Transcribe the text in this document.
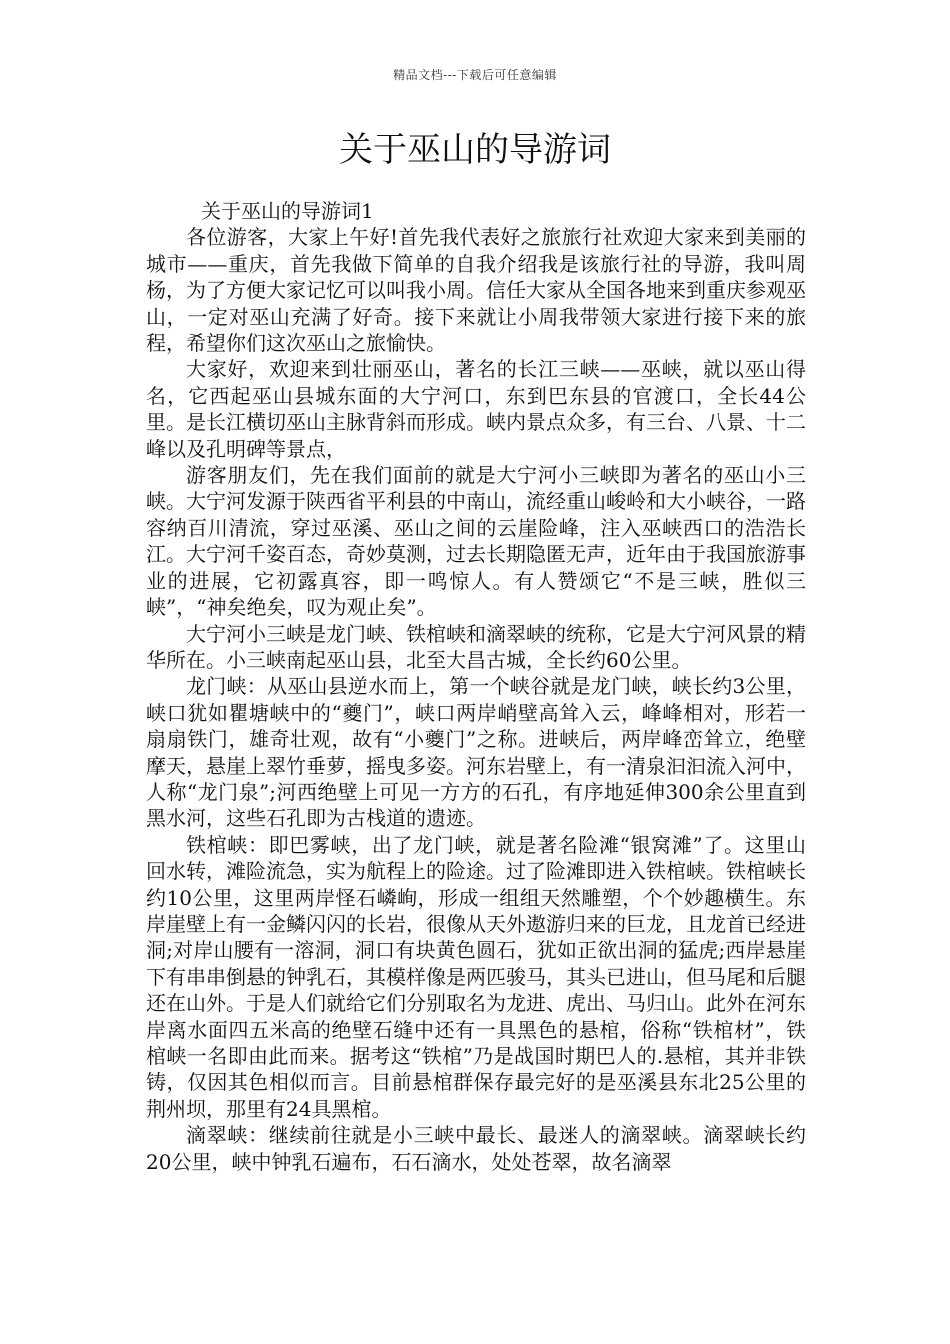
精品文档---下载后可任意编辑
关于巫山的导游词

关于巫山的导游词1

各位游客，大家上午好!首先我代表好之旅旅行社欢迎大家来到美丽的城市——重庆，首先我做下简单的自我介绍我是该旅行社的导游，我叫周杨，为了方便大家记忆可以叫我小周。信任大家从全国各地来到重庆参观巫山，一定对巫山充满了好奇。接下来就让小周我带领大家进行接下来的旅程，希望你们这次巫山之旅愉快。

大家好，欢迎来到壮丽巫山，著名的长江三峡——巫峡，就以巫山得名，它西起巫山县城东面的大宁河口，东到巴东县的官渡口，全长44公里。是长江横切巫山主脉背斜而形成。峡内景点众多，有三台、八景、十二峰以及孔明碑等景点，

游客朋友们，先在我们面前的就是大宁河小三峡即为著名的巫山小三峡。大宁河发源于陕西省平利县的中南山，流经重山峻岭和大小峡谷，一路容纳百川清流，穿过巫溪、巫山之间的云崖险峰，注入巫峡西口的浩浩长江。大宁河千姿百态，奇妙莫测，过去长期隐匿无声，近年由于我国旅游事业的进展，它初露真容，即一鸣惊人。有人赞颂它“不是三峡，胜似三峡”，“神矣绝矣，叹为观止矣”。

大宁河小三峡是龙门峡、铁棺峡和滴翠峡的统称，它是大宁河风景的精华所在。小三峡南起巫山县，北至大昌古城，全长约60公里。

龙门峡：从巫山县逆水而上，第一个峡谷就是龙门峡，峡长约3公里，峡口犹如瞿塘峡中的“夔门”，峡口两岸峭壁高耸入云，峰峰相对，形若一扇扇铁门，雄奇壮观，故有“小夔门”之称。进峡后，两岸峰峦耸立，绝壁摩天，悬崖上翠竹垂萝，摇曳多姿。河东岩壁上，有一清泉汩汩流入河中，人称“龙门泉”;河西绝壁上可见一方方的石孔，有序地延伸300余公里直到黑水河，这些石孔即为古栈道的遗迹。

铁棺峡：即巴雾峡，出了龙门峡，就是著名险滩“银窝滩”了。这里山回水转，滩险流急，实为航程上的险途。过了险滩即进入铁棺峡。铁棺峡长约10公里，这里两岸怪石嶙峋，形成一组组天然雕塑，个个妙趣横生。东岸崖壁上有一金鳞闪闪的长岩，很像从天外遨游归来的巨龙，且龙首已经进洞;对岸山腰有一溶洞，洞口有块黄色圆石，犹如正欲出洞的猛虎;西岸悬崖下有串串倒悬的钟乳石，其模样像是两匹骏马，其头已进山，但马尾和后腿还在山外。于是人们就给它们分别取名为龙进、虎出、马归山。此外在河东岸离水面四五米高的绝壁石缝中还有一具黑色的悬棺，俗称“铁棺材”，铁棺峡一名即由此而来。据考这“铁棺”乃是战国时期巴人的.悬棺，其并非铁铸，仅因其色相似而言。目前悬棺群保存最完好的是巫溪县东北25公里的荆州坝，那里有24具黑棺。

滴翠峡：继续前往就是小三峡中最长、最迷人的滴翠峡。滴翠峡长约20公里，峡中钟乳石遍布，石石滴水，处处苍翠，故名滴翠
